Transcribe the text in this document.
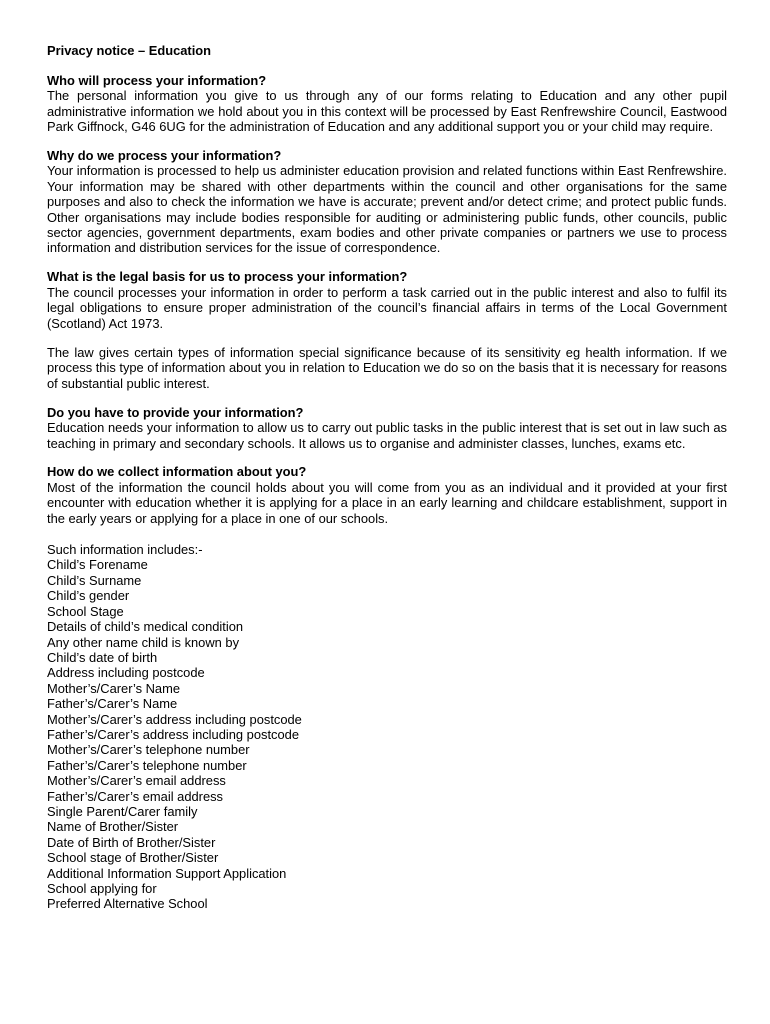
Privacy notice – Education

Who will process your information?

The personal information you give to us through any of our forms relating to Education and any other pupil administrative information we hold about you in this context will be processed by East Renfrewshire Council, Eastwood Park Giffnock, G46 6UG for the administration of Education and any additional support you or your child may require.

Why do we process your information?

Your information is processed to help us administer education provision and related functions within East Renfrewshire. Your information may be shared with other departments within the council and other organisations for the same purposes and also to check the information we have is accurate; prevent and/or detect crime; and protect public funds. Other organisations may include bodies responsible for auditing or administering public funds, other councils, public sector agencies, government departments, exam bodies and other private companies or partners we use to process information and distribution services for the issue of correspondence.

What is the legal basis for us to process your information?

The council processes your information in order to perform a task carried out in the public interest and also to fulfil its legal obligations to ensure proper administration of the council’s financial affairs in terms of the Local Government (Scotland) Act 1973.

The law gives certain types of information special significance because of its sensitivity eg health information. If we process this type of information about you in relation to Education we do so on the basis that it is necessary for reasons of substantial public interest.

Do you have to provide your information?

Education needs your information to allow us to carry out public tasks in the public interest that is set out in law such as teaching in primary and secondary schools. It allows us to organise and administer classes, lunches, exams etc.

How do we collect information about you?

Most of the information the council holds about you will come from you as an individual and it provided at your first encounter with education whether it is applying for a place in an early learning and childcare establishment, support in the early years or applying for a place in one of our schools.

Such information includes:-

Child’s Forename
Child’s Surname
Child’s gender
School Stage
Details of child’s medical condition
Any other name child is known by
Child’s date of birth
Address including postcode
Mother’s/Carer’s Name
Father’s/Carer’s Name
Mother’s/Carer’s address including postcode
Father’s/Carer’s address including postcode
Mother’s/Carer’s telephone number
Father’s/Carer’s telephone number
Mother’s/Carer’s email address
Father’s/Carer’s email address
Single Parent/Carer family
Name of Brother/Sister
Date of Birth of Brother/Sister
School stage of Brother/Sister
Additional Information Support Application
School applying for
Preferred Alternative School
